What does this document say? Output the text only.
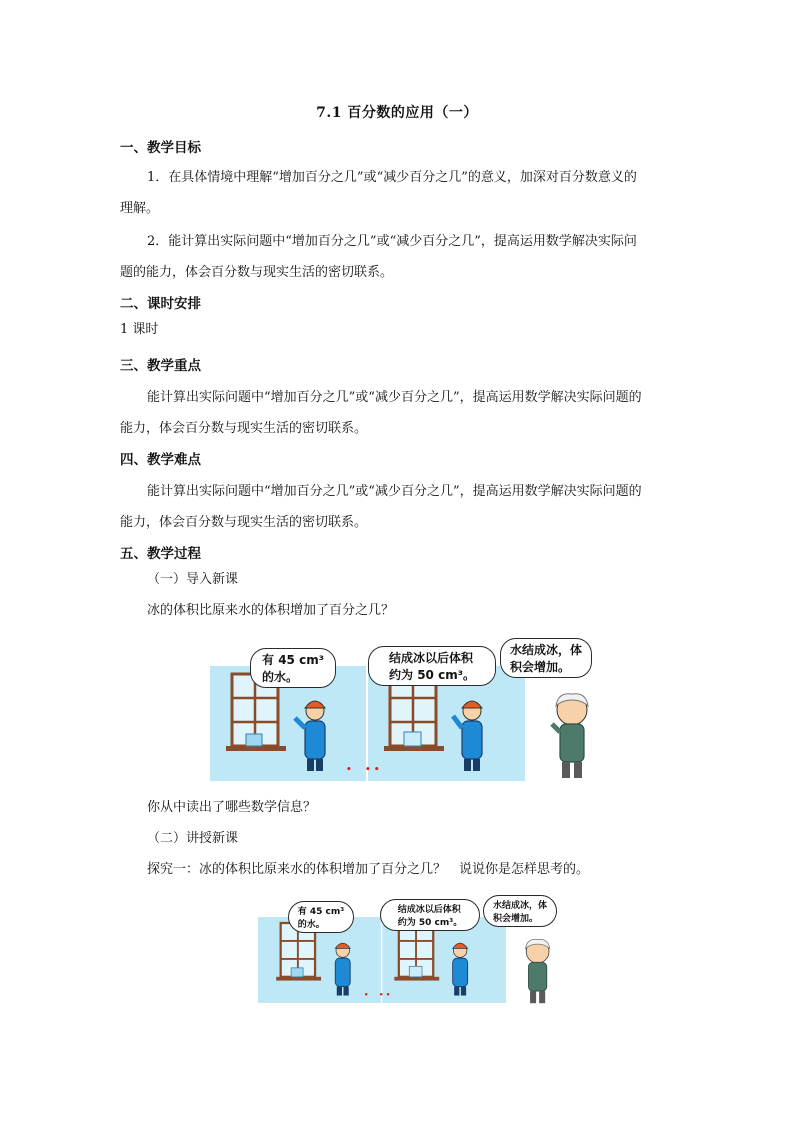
7.1 百分数的应用（一）
一、教学目标
1．在具体情境中理解“增加百分之几”或“减少百分之几”的意义，加深对百分数意义的
理解。
2．能计算出实际问题中“增加百分之几”或“减少百分之几”，提高运用数学解决实际问
题的能力，体会百分数与现实生活的密切联系。
二、课时安排
1 课时
三、教学重点
能计算出实际问题中“增加百分之几”或“减少百分之几”，提高运用数学解决实际问题的
能力，体会百分数与现实生活的密切联系。
四、教学难点
能计算出实际问题中“增加百分之几”或“减少百分之几”，提高运用数学解决实际问题的
能力，体会百分数与现实生活的密切联系。
五、教学过程
（一）导入新课
冰的体积比原来水的体积增加了百分之几？
• • •
有 45 cm³
的水。
结成冰以后体积
约为 50 cm³。
水结成冰，体
积会增加。
你从中读出了哪些数学信息？
（二）讲授新课
探究一：冰的体积比原来水的体积增加了百分之几？　说说你是怎样思考的。
• • •
有 45 cm³
的水。
结成冰以后体积
约为 50 cm³。
水结成冰，体
积会增加。
